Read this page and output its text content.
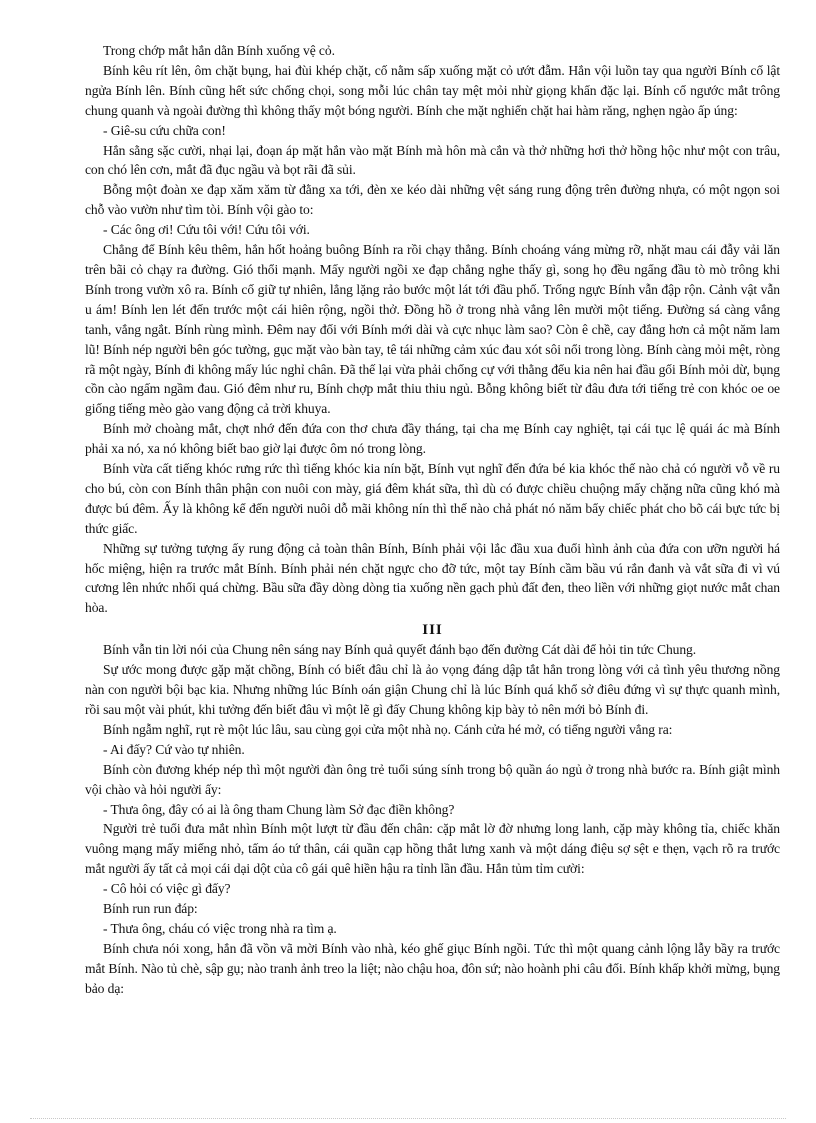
Trong chớp mắt hắn dằn Bính xuống vệ cỏ.

Bính kêu rít lên, ôm chặt bụng, hai đùi khép chặt, cố nằm sấp xuống mặt cỏ ướt đẫm. Hắn vội luồn tay qua người Bính cố lật ngửa Bính lên. Bính cũng hết sức chống chọi, song mỗi lúc chân tay mệt mỏi nhừ giọng khẩn đặc lại. Bính cố ngước mắt trông chung quanh và ngoài đường thì không thấy một bóng người. Bính che mặt nghiến chặt hai hàm răng, nghẹn ngào ấp úng:

- Giê-su cứu chữa con!

Hắn sằng sặc cười, nhại lại, đoạn áp mặt hắn vào mặt Bính mà hôn mà cắn và thở những hơi thở hồng hộc như một con trâu, con chó lên cơn, mắt đã đục ngầu và bọt rãi đã sủi.

Bỗng một đoàn xe đạp xăm xăm từ đằng xa tới, đèn xe kéo dài những vệt sáng rung động trên đường nhựa, có một ngọn soi chỗ vào vườn như tìm tòi. Bính vội gào to:

- Các ông ơi! Cứu tôi với! Cứu tôi với.

Chẳng để Bính kêu thêm, hắn hốt hoảng buông Bính ra rồi chạy thẳng. Bính choáng váng mừng rỡ, nhặt mau cái đẫy vải lăn trên bãi cỏ chạy ra đường. Gió thổi mạnh. Mấy người ngồi xe đạp chẳng nghe thấy gì, song họ đều ngẩng đầu tò mò trông khi Bính trong vườn xô ra. Bính cố giữ tự nhiên, lẳng lặng rảo bước một lát tới đầu phố. Trống ngực Bính vẫn đập rộn. Cảnh vật vẫn u ám! Bính len lét đến trước một cái hiên rộng, ngồi thở. Đồng hồ ở trong nhà vẳng lên mười một tiếng. Đường sá càng vắng tanh, vắng ngắt. Bính rùng mình. Đêm nay đối với Bính mới dài và cực nhục làm sao? Còn ê chề, cay đắng hơn cả một năm lam lũ! Bính nép người bên góc tường, gục mặt vào bàn tay, tê tái những cảm xúc đau xót sôi nổi trong lòng. Bính càng mỏi mệt, ròng rã một ngày, Bính đi không mấy lúc nghỉ chân. Đã thế lại vừa phải chống cự với thằng đểu kia nên hai đầu gối Bính mỏi dừ, bụng cồn cào ngấm ngầm đau. Gió đêm như ru, Bính chợp mắt thiu thiu ngủ. Bỗng không biết từ đâu đưa tới tiếng trẻ con khóc oe oe giống tiếng mèo gào vang động cả trời khuya.

Bính mở choàng mắt, chợt nhớ đến đứa con thơ chưa đầy tháng, tại cha mẹ Bính cay nghiệt, tại cái tục lệ quái ác mà Bính phải xa nó, xa nó không biết bao giờ lại được ôm nó trong lòng.

Bính vừa cất tiếng khóc rưng rức thì tiếng khóc kia nín bặt, Bính vụt nghĩ đến đứa bé kia khóc thế nào chả có người vỗ về ru cho bú, còn con Bính thân phận con nuôi con mày, giá đêm khát sữa, thì dù có được chiều chuộng mấy chặng nữa cũng khó mà được bú đêm. Ấy là không kể đến người nuôi dỗ mãi không nín thì thế nào chả phát nó năm bẩy chiếc phát cho bõ cái bực tức bị thức giấc.

Những sự tưởng tượng ấy rung động cả toàn thân Bính, Bính phải vội lắc đầu xua đuổi hình ảnh của đứa con ưỡn người há hốc miệng, hiện ra trước mắt Bính. Bính phải nén chặt ngực cho đỡ tức, một tay Bính cầm bầu vú rắn đanh và vắt sữa đi vì vú cương lên nhức nhối quá chừng. Bầu sữa đầy dòng dòng tia xuống nền gạch phủ đất đen, theo liền với những giọt nước mắt chan hòa.

III

Bính vẫn tin lời nói của Chung nên sáng nay Bính quả quyết đánh bạo đến đường Cát dài để hỏi tin tức Chung.

Sự ước mong được gặp mặt chồng, Bính có biết đâu chỉ là ảo vọng đáng dập tắt hẳn trong lòng với cả tình yêu thương nồng nàn con người bội bạc kia. Nhưng những lúc Bính oán giận Chung chỉ là lúc Bính quá khổ sở điêu đứng vì sự thực quanh mình, rồi sau một vài phút, khi tưởng đến biết đâu vì một lẽ gì đấy Chung không kịp bày tỏ nên mới bỏ Bính đi.

Bính ngẫm nghĩ, rụt rè một lúc lâu, sau cùng gọi cửa một nhà nọ. Cánh cửa hé mở, có tiếng người vẳng ra:

- Ai đấy? Cứ vào tự nhiên.

Bính còn đương khép nép thì một người đàn ông trẻ tuổi súng sính trong bộ quần áo ngủ ở trong nhà bước ra. Bính giật mình vội chào và hỏi người ấy:

- Thưa ông, đây có ai là ông tham Chung làm Sở đạc điền không?

Người trẻ tuổi đưa mắt nhìn Bính một lượt từ đầu đến chân: cặp mắt lờ đờ nhưng long lanh, cặp mày không tỉa, chiếc khăn vuông mạng mấy miếng nhỏ, tấm áo tứ thân, cái quần cạp hồng thắt lưng xanh và một dáng điệu sợ sệt e thẹn, vạch rõ ra trước mắt người ấy tất cả mọi cái dại dột của cô gái quê hiền hậu ra tỉnh lần đầu. Hắn tủm tỉm cười:

- Cô hỏi có việc gì đấy?

Bính run run đáp:

- Thưa ông, cháu có việc trong nhà ra tìm ạ.

Bính chưa nói xong, hắn đã vồn vã mời Bính vào nhà, kéo ghế giục Bính ngồi. Tức thì một quang cảnh lộng lẫy bầy ra trước mắt Bính. Nào tủ chè, sập gụ; nào tranh ảnh treo la liệt; nào chậu hoa, đôn sứ; nào hoành phi câu đối. Bính khấp khởi mừng, bụng bảo dạ:
